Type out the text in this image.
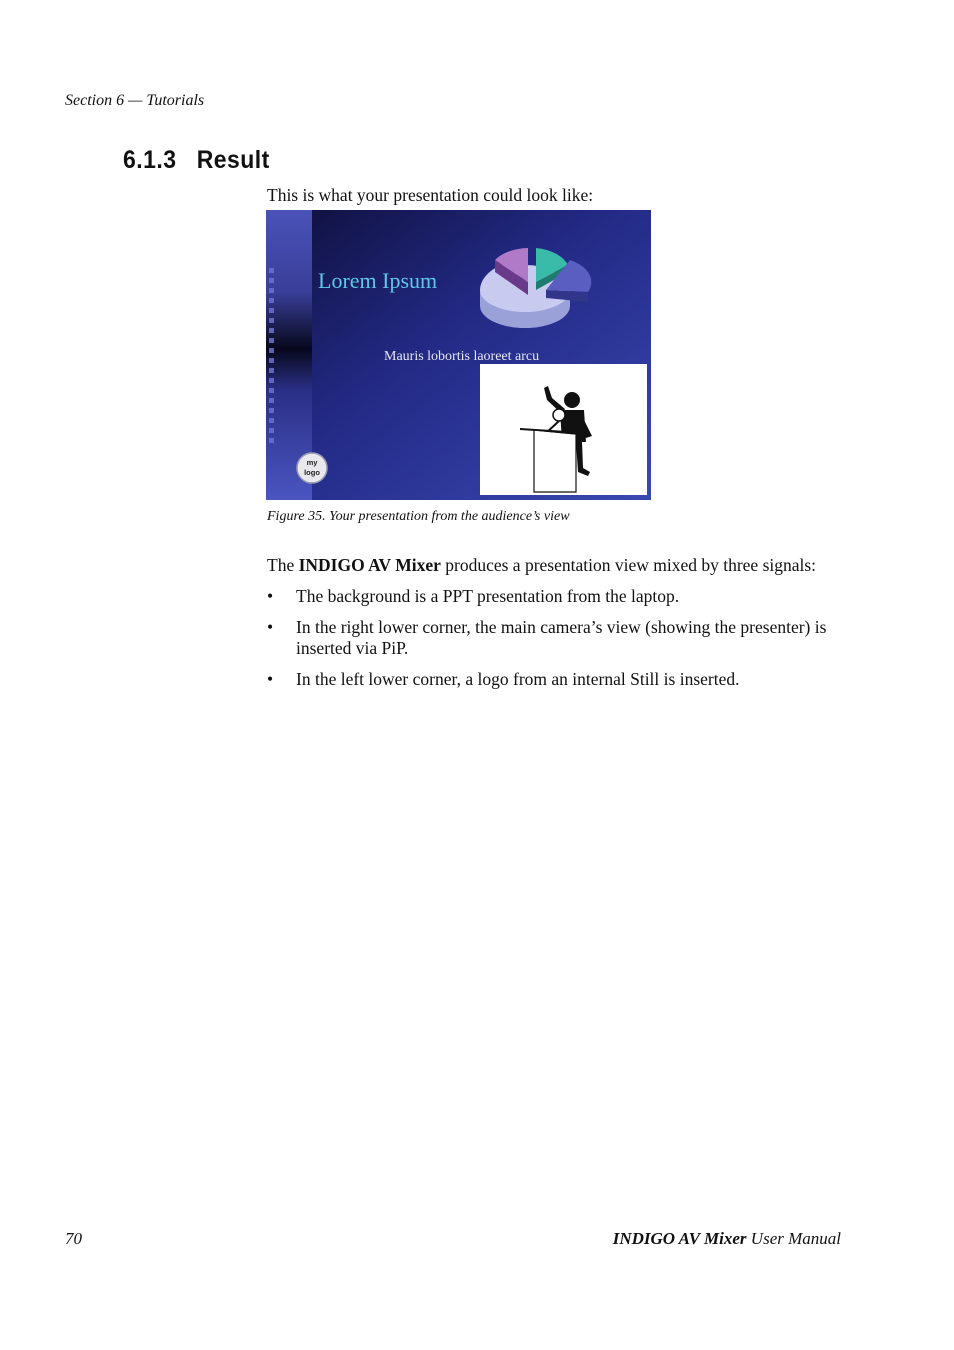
Section 6 — Tutorials
6.1.3 Result

This is what your presentation could look like:

Lorem Ipsum
Mauris lobortis laoreet arcu
my
logo
Figure 35. Your presentation from the audience’s view

The INDIGO AV Mixer produces a presentation view mixed by three signals:

• The background is a PPT presentation from the laptop.
• In the right lower corner, the main camera’s view (showing the presenter) is inserted via PiP.
• In the left lower corner, a logo from an internal Still is inserted.
70	INDIGO AV Mixer User Manual
